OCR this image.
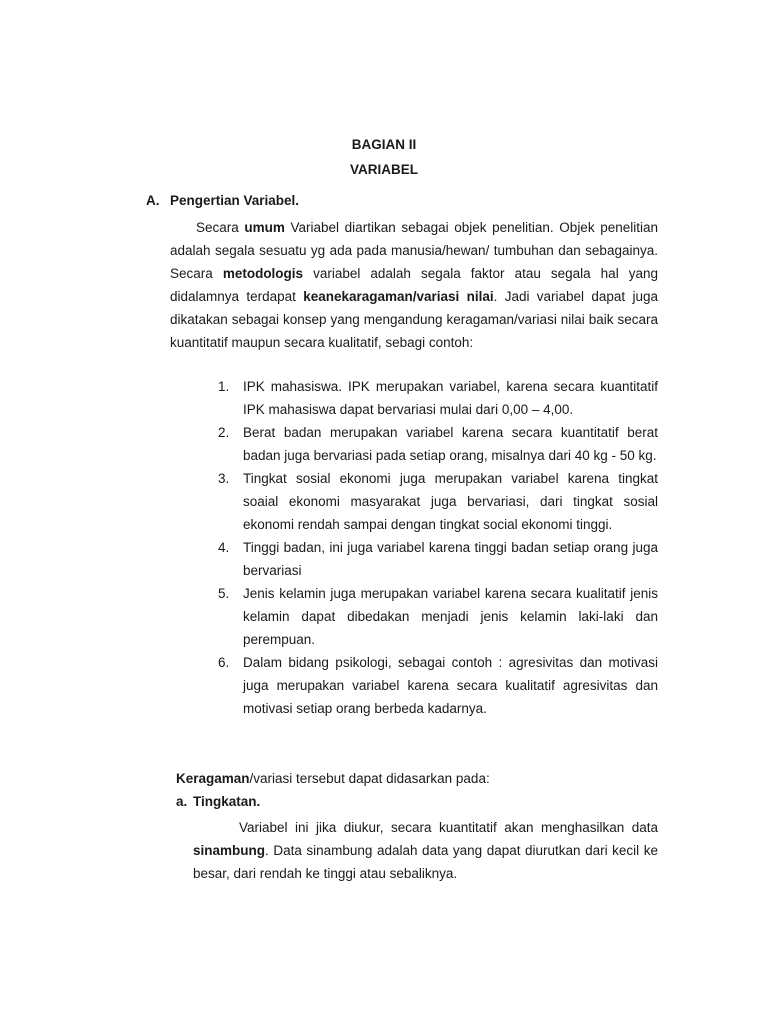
BAGIAN II
VARIABEL
A. Pengertian Variabel.

Secara umum Variabel diartikan sebagai objek penelitian. Objek penelitian adalah segala sesuatu yg ada pada manusia/hewan/ tumbuhan dan sebagainya. Secara metodologis variabel adalah segala faktor atau segala hal yang didalamnya terdapat keanekaragaman/variasi nilai. Jadi variabel dapat juga dikatakan sebagai konsep yang mengandung keragaman/variasi nilai baik secara kuantitatif maupun secara kualitatif, sebagi contoh:

1. IPK mahasiswa. IPK merupakan variabel, karena secara kuantitatif IPK mahasiswa dapat bervariasi mulai dari 0,00 – 4,00.
2. Berat badan merupakan variabel karena secara kuantitatif berat badan juga bervariasi pada setiap orang, misalnya dari 40 kg - 50 kg.
3. Tingkat sosial ekonomi juga merupakan variabel karena tingkat soaial ekonomi masyarakat juga bervariasi, dari tingkat sosial ekonomi rendah sampai dengan tingkat social ekonomi tinggi.
4. Tinggi badan, ini juga variabel karena tinggi badan setiap orang juga bervariasi
5. Jenis kelamin juga merupakan variabel karena secara kualitatif jenis kelamin dapat dibedakan menjadi jenis kelamin laki-laki dan perempuan.
6. Dalam bidang psikologi, sebagai contoh : agresivitas dan motivasi juga merupakan variabel karena secara kualitatif agresivitas dan motivasi setiap orang berbeda kadarnya.

Keragaman/variasi tersebut dapat didasarkan pada:

a. Tingkatan.

Variabel ini jika diukur, secara kuantitatif akan menghasilkan data sinambung. Data sinambung adalah data yang dapat diurutkan dari kecil ke besar, dari rendah ke tinggi atau sebaliknya.
